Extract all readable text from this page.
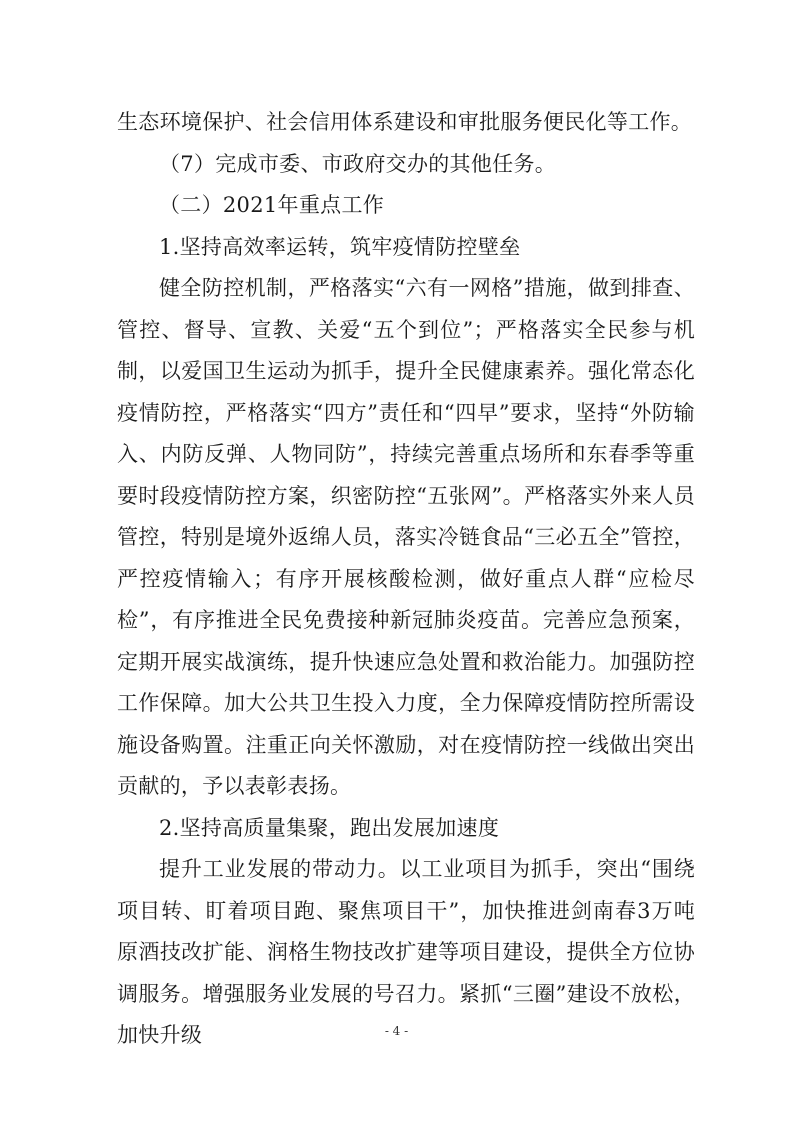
生态环境保护、社会信用体系建设和审批服务便民化等工作。

（7）完成市委、市政府交办的其他任务。

（二）2021年重点工作

1.坚持高效率运转，筑牢疫情防控壁垒

健全防控机制，严格落实“六有一网格”措施，做到排查、管控、督导、宣教、关爱“五个到位”；严格落实全民参与机制，以爱国卫生运动为抓手，提升全民健康素养。强化常态化疫情防控，严格落实“四方”责任和“四早”要求，坚持“外防输入、内防反弹、人物同防”，持续完善重点场所和东春季等重要时段疫情防控方案，织密防控“五张网”。严格落实外来人员管控，特别是境外返绵人员，落实冷链食品“三必五全”管控，严控疫情输入；有序开展核酸检测，做好重点人群“应检尽检”，有序推进全民免费接种新冠肺炎疫苗。完善应急预案，定期开展实战演练，提升快速应急处置和救治能力。加强防控工作保障。加大公共卫生投入力度，全力保障疫情防控所需设施设备购置。注重正向关怀激励，对在疫情防控一线做出突出贡献的，予以表彰表扬。

2.坚持高质量集聚，跑出发展加速度

提升工业发展的带动力。以工业项目为抓手，突出“围绕项目转、盯着项目跑、聚焦项目干”，加快推进剑南春3万吨原酒技改扩能、润格生物技改扩建等项目建设，提供全方位协调服务。增强服务业发展的号召力。紧抓“三圈”建设不放松，加快升级	- 4 -
